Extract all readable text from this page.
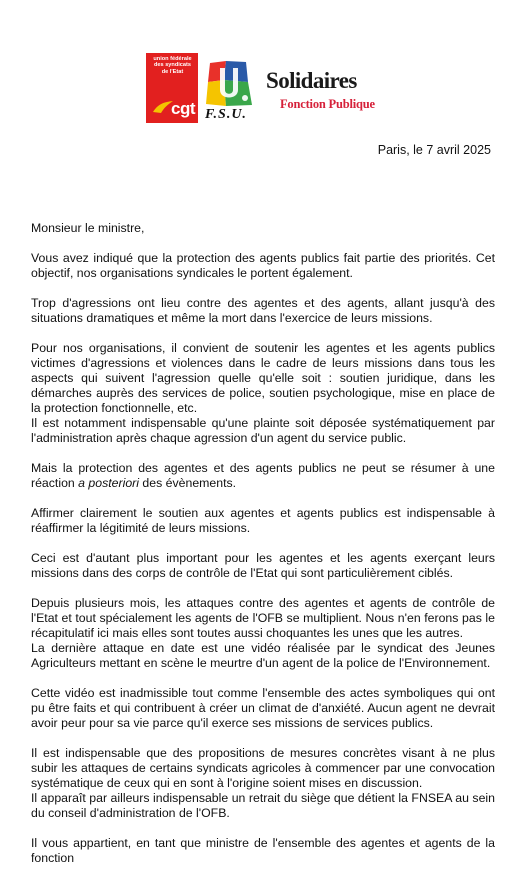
union fédérale
des syndicats
de l'Etat
cgt F.S.U.
Solidaires
Fonction Publique
Paris, le 7 avril 2025

Monsieur le ministre,

Vous avez indiqué que la protection des agents publics fait partie des priorités. Cet objectif, nos organisations syndicales le portent également.

Trop d'agressions ont lieu contre des agentes et des agents, allant jusqu'à des situations dramatiques et même la mort dans l'exercice de leurs missions.

Pour nos organisations, il convient de soutenir les agentes et les agents publics victimes d'agressions et violences dans le cadre de leurs missions dans tous les aspects qui suivent l'agression quelle qu'elle soit : soutien juridique, dans les démarches auprès des services de police, soutien psychologique, mise en place de la protection fonctionnelle, etc.

Il est notamment indispensable qu'une plainte soit déposée systématiquement par l'administration après chaque agression d'un agent du service public.

Mais la protection des agentes et des agents publics ne peut se résumer à une réaction a posteriori des évènements.

Affirmer clairement le soutien aux agentes et agents publics est indispensable à réaffirmer la légitimité de leurs missions.

Ceci est d'autant plus important pour les agentes et les agents exerçant leurs missions dans des corps de contrôle de l'Etat qui sont particulièrement ciblés.

Depuis plusieurs mois, les attaques contre des agentes et agents de contrôle de l'Etat et tout spécialement les agents de l'OFB se multiplient. Nous n'en ferons pas le récapitulatif ici mais elles sont toutes aussi choquantes les unes que les autres.

La dernière attaque en date est une vidéo réalisée par le syndicat des Jeunes Agriculteurs mettant en scène le meurtre d'un agent de la police de l'Environnement.

Cette vidéo est inadmissible tout comme l'ensemble des actes symboliques qui ont pu être faits et qui contribuent à créer un climat de d'anxiété. Aucun agent ne devrait avoir peur pour sa vie parce qu'il exerce ses missions de services publics.

Il est indispensable que des propositions de mesures concrètes visant à ne plus subir les attaques de certains syndicats agricoles à commencer par une convocation systématique de ceux qui en sont à l'origine soient mises en discussion.

Il apparaît par ailleurs indispensable un retrait du siège que détient la FNSEA au sein du conseil d'administration de l'OFB.

Il vous appartient, en tant que ministre de l'ensemble des agentes et agents de la fonction
